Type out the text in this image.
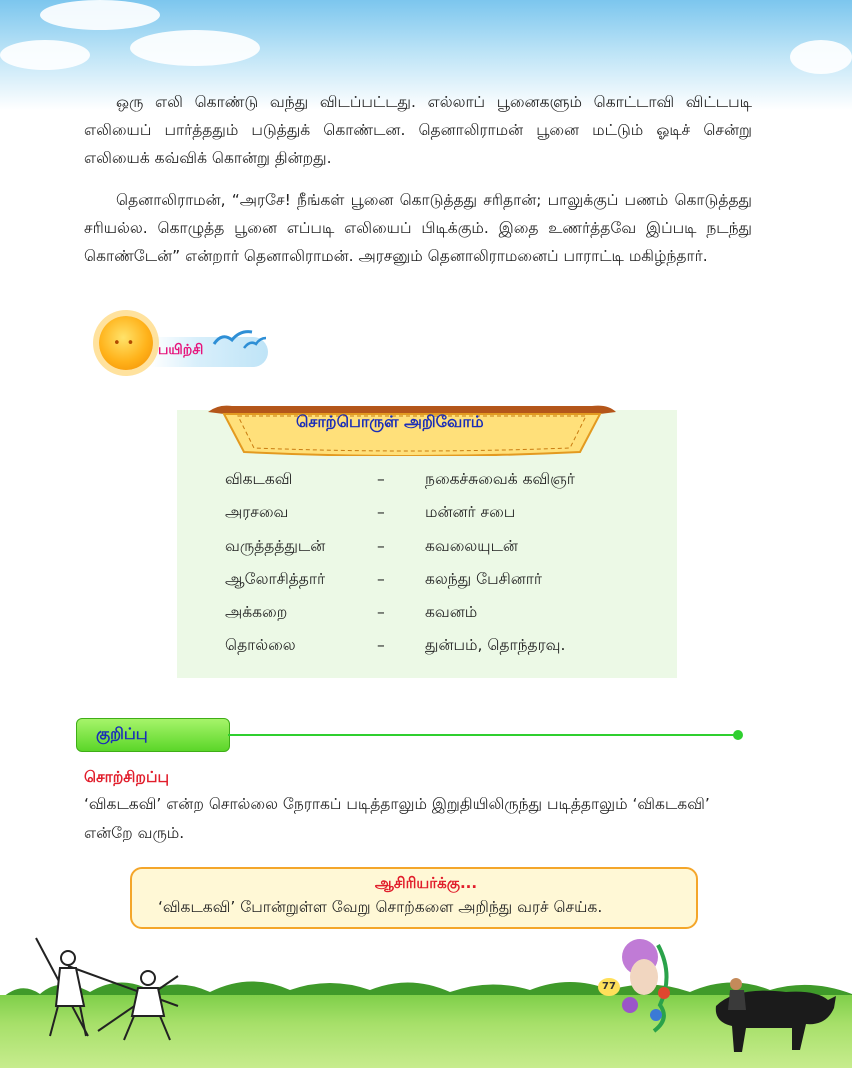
ஒரு எலி கொண்டு வந்து விடப்பட்டது. எல்லாப் பூனைகளும் கொட்டாவி விட்டபடி எலியைப் பார்த்ததும் படுத்துக் கொண்டன. தெனாலிராமன் பூனை மட்டும் ஓடிச் சென்று எலியைக் கவ்விக் கொன்று தின்றது.

தெனாலிராமன், “அரசே! நீங்கள் பூனை கொடுத்தது சரிதான்; பாலுக்குப் பணம் கொடுத்தது சரியல்ல. கொழுத்த பூனை எப்படி எலியைப் பிடிக்கும். இதை உணர்த்தவே இப்படி நடந்து கொண்டேன்” என்றார் தெனாலிராமன். அரசனும் தெனாலிராமனைப் பாராட்டி மகிழ்ந்தார்.

•• பயிற்சி
சொற்பொருள் அறிவோம்
விகடகவி	–	நகைச்சுவைக் கவிஞர்
அரசவை	–	மன்னர் சபை
வருத்தத்துடன்	–	கவலையுடன்
ஆலோசித்தார்	–	கலந்து பேசினார்
அக்கறை	–	கவனம்
தொல்லை	–	துன்பம், தொந்தரவு.
குறிப்பு
சொற்சிறப்பு

‘விகடகவி’ என்ற சொல்லை நேராகப் படித்தாலும் இறுதியிலிருந்து படித்தாலும் ‘விகடகவி’ என்றே வரும்.

ஆசிரியர்க்கு...
‘விகடகவி’ போன்றுள்ள வேறு சொற்களை அறிந்து வரச் செய்க.
77
